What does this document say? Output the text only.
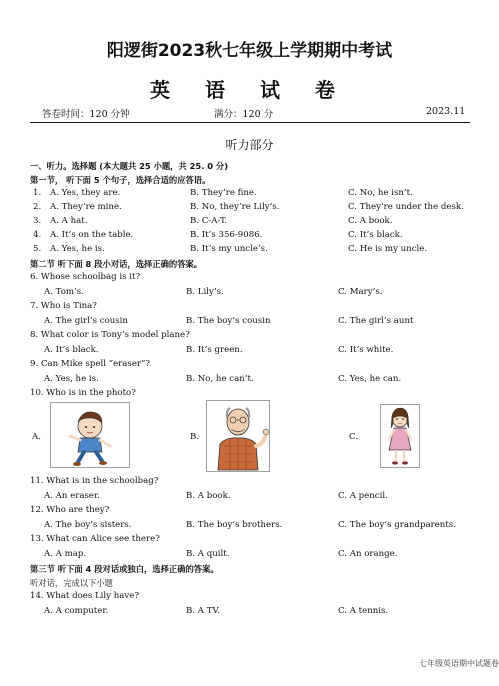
阳逻街2023秋七年级上学期期中考试
英 语 试 卷
答卷时间：120 分钟	满分：120 分	2023.11
听力部分
一、听力。选择题 (本大题共 25 小题，共 25. 0 分)
第一节， 听下面 5 个句子，选择合适的应答语。
1. A. Yes, they are.	B. They’re fine.	C. No, he isn’t.
2. A. They’re mine.	B. No, they’re Lily’s.	C. They’re under the desk.
3. A. A hat.	B. C-A-T.	C. A book.
4. A. It’s on the table.	B. It’s 356-9086.	C. It’s black.
5. A. Yes, he is.	B. It’s my uncle’s.	C. He is my uncle.
第二节 听下面 8 段小对话，选择正确的答案。
6. Whose schoolbag is it?
A. Tom’s.	B. Lily’s.	C. Mary’s.
7. Who is Tina?
A. The girl’s cousin	B. The boy’s cousin	C. The girl’s aunt
8. What color is Tony’s model plane?
A. It’s black.	B. It’s green.	C. It’s white.
9. Can Mike spell “eraser”?
A. Yes, he is.	B. No, he can’t.	C. Yes, he can.
10. Who is in the photo?
A.	B.	C.
11. What is in the schoolbag?
A. An eraser.	B. A book.	C. A pencil.
12. Who are they?
A. The boy’s sisters.	B. The boy’s brothers.	C. The boy’s grandparents.
13. What can Alice see there?
A. A map.	B. A quilt.	C. An orange.
第三节 听下面 4 段对话或独白，选择正确的答案。
听对话，完成以下小题
14. What does Lily have?
A. A computer.	B. A TV.	C. A tennis.
七年级英语期中试题卷
